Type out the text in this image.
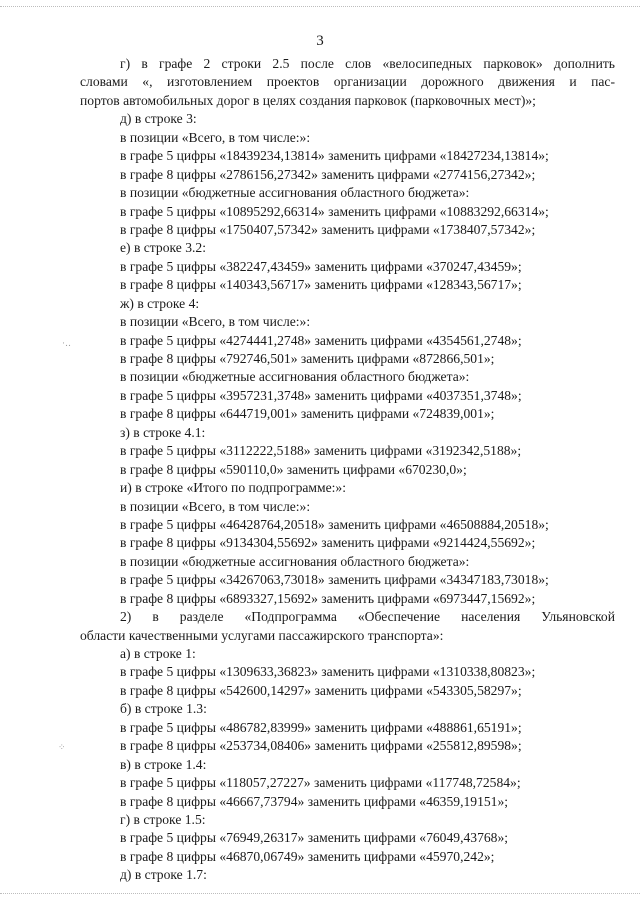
3
г) в графе 2 строки 2.5 после слов «велосипедных парковок» дополнить
словами «, изготовлением проектов организации дорожного движения и пас-
портов автомобильных дорог в целях создания парковок (парковочных мест)»;
д) в строке 3:
в позиции «Всего, в том числе:»:
в графе 5 цифры «18439234,13814» заменить цифрами «18427234,13814»;
в графе 8 цифры «2786156,27342» заменить цифрами «2774156,27342»;
в позиции «бюджетные ассигнования областного бюджета»:
в графе 5 цифры «10895292,66314» заменить цифрами «10883292,66314»;
в графе 8 цифры «1750407,57342» заменить цифрами «1738407,57342»;
е) в строке 3.2:
в графе 5 цифры «382247,43459» заменить цифрами «370247,43459»;
в графе 8 цифры «140343,56717» заменить цифрами «128343,56717»;
ж) в строке 4:
в позиции «Всего, в том числе:»:
в графе 5 цифры «4274441,2748» заменить цифрами «4354561,2748»;
в графе 8 цифры «792746,501» заменить цифрами «872866,501»;
в позиции «бюджетные ассигнования областного бюджета»:
в графе 5 цифры «3957231,3748» заменить цифрами «4037351,3748»;
в графе 8 цифры «644719,001» заменить цифрами «724839,001»;
з) в строке 4.1:
в графе 5 цифры «3112222,5188» заменить цифрами «3192342,5188»;
в графе 8 цифры «590110,0» заменить цифрами «670230,0»;
и) в строке «Итого по подпрограмме:»:
в позиции «Всего, в том числе:»:
в графе 5 цифры «46428764,20518» заменить цифрами «46508884,20518»;
в графе 8 цифры «9134304,55692» заменить цифрами «9214424,55692»;
в позиции «бюджетные ассигнования областного бюджета»:
в графе 5 цифры «34267063,73018» заменить цифрами «34347183,73018»;
в графе 8 цифры «6893327,15692» заменить цифрами «6973447,15692»;
2) в разделе «Подпрограмма «Обеспечение населения Ульяновской
области качественными услугами пассажирского транспорта»:
а) в строке 1:
в графе 5 цифры «1309633,36823» заменить цифрами «1310338,80823»;
в графе 8 цифры «542600,14297» заменить цифрами «543305,58297»;
б) в строке 1.3:
в графе 5 цифры «486782,83999» заменить цифрами «488861,65191»;
в графе 8 цифры «253734,08406» заменить цифрами «255812,89598»;
в) в строке 1.4:
в графе 5 цифры «118057,27227» заменить цифрами «117748,72584»;
в графе 8 цифры «46667,73794» заменить цифрами «46359,19151»;
г) в строке 1.5:
в графе 5 цифры «76949,26317» заменить цифрами «76049,43768»;
в графе 8 цифры «46870,06749» заменить цифрами «45970,242»;
д) в строке 1.7:
·‥
⁘
